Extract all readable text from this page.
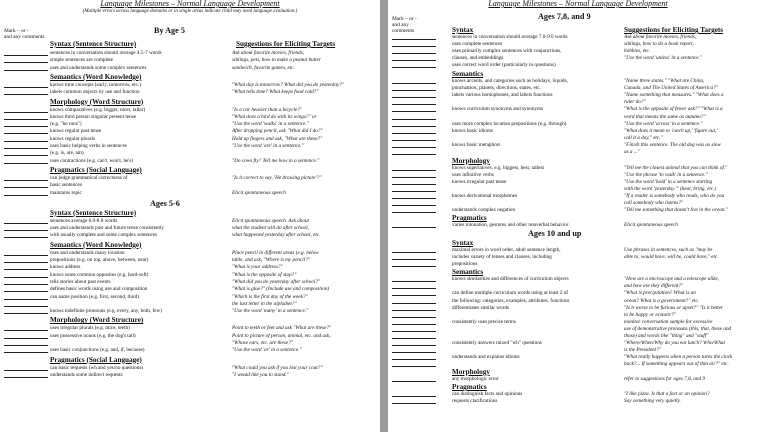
Language Milestones – Normal Language Development
(Multiple errors across language domains or in single areas indicate child may need language evaluation.)
Mark – or -
and any comments
By Age 5
Syntax (Sentence Structure)	Suggestions for Eliciting Targets
sentences in conversation should average 4.5-7 words	Ask about favorite movies, friends,
simple sentences are complete	siblings, pets, how to make a peanut butter
uses and understands some complex sentences	sandwich, favorite games, etc.
Semantics (Word Knowledge)
knows time concepts (early, tomorrow, etc.)	"What day is tomorrow? What did you do yesterday?"
labels common objects by use and function	"What tells time? What keeps food cold?"
Morphology (Word Structure)
knows comparatives (e.g. bigger, nicer, taller)	"Is a car heavier than a bicycle?"
knows third person singular present tense	"What does a bird do with its wings?" or
(e.g. "he runs")	"Use the word 'walks' in a sentence."
knows regular past tense	After dropping pencil, ask "What did I do?"
knows regular plurals	Hold up fingers and ask, "What are these?"
uses basic helping verbs in sentences	"Use the word 'are' in a sentence."
(e.g. is, are, am)
uses contractions (e.g. can't, won't, he's)	"Do cows fly? Tell me how in a sentence."
Pragmatics (Social Language)
can judge grammatical correctness of	"Is it correct to say, 'He drawing picture'?"
basic sentences
maintains topic	Elicit spontaneous speech
Ages 5-6
Syntax (Sentence Structure)
sentences average 6.0-8.0 words	Elicit spontaneous speech. Ask about
uses and understands past and future tense consistently	what the student will do after school,
with usually complete and some complex sentences	what happened yesterday after school, etc.
Semantics (Word Knowledge)
uses and understands many location	Place pencil in different areas (e.g. below
prepositions (e.g. on top, above, between, near)	table, and ask, "Where is my pencil?"
knows address	"What is your address?"
knows some common opposites (e.g. hard-soft)	"What is the opposite of stop?"
tells stories about past events	"What did you do yesterday after school?"
defines basic words using use and composition	"What is glue?" (Include use and composition)
can name position (e.g. first, second, third)	"Which is the first day of the week?"
the last letter in the alphabet?"
knows indefinite pronouns (e.g. every, any, both, few)	"Use the word 'many' in a sentence."
Morphology (Word Structure)
uses irregular plurals (e.g. mice, teeth)	Point to teeth or feet and ask "What are these?"
uses possessive nouns (e.g. the dog's tail)	Point to picture of person, animal, etc. and ask,
"Whose ears, etc. are these?"
uses basic conjunctions (e.g. and, if, because)	"Use the word 'or' in a sentence."
Pragmatics (Social Language)
can basic requests (wh and yes/no questions)	"What could you ask if you lost your coat?"
understands some indirect requests	"I would like you to stand."
Language Milestones – Normal Language Development
Mark – or -
and any
comments
Ages 7,8, and 9
Syntax	Suggestions for Eliciting Targets
sentences in conversation should average 7.0-9.0 words	Ask about favorite movies, friends,
uses complete sentences	siblings, how to do a book report,
uses primarily complex sentences with conjunctions,	hobbies, etc.
clauses, and embeddings	"Use the word 'unless' in a sentence."
uses correct word order (particularly in questions)
Semantics
knows accents, and categories such as holidays, liquids,	"Name three states." "What are China,
punctuation, planets, directions, states, etc.	Canada, and The United States of America?"
labels various homophones, and labels functions	"Name something that measures." "What does a
ruler do?"
knows curriculum synonyms and synonyms	"What is the opposite of fewer ask?" "What is a
word that means the same as autumn?"
uses more complex location prepositions (e.g. through)	"Use the word 'across' in a sentence."
knows basic idioms	"What does it mean to 'catch up,' 'figure out,'
call it a day," etc."
knows basic metaphors	"Finish this sentence. The old dog was as slow
as a ..."
Morphology
knows superlatives, e.g. biggest, best, tallest	"Tell me the closest animal that you can think of."
uses infinitive verbs	"Use the phrase 'to walk' in a sentence."
knows irregular past tense	"Use the word 'hold' in a sentence starting
with the word 'yesterday.'" (hear, bring, etc.)
knows derivational morphemes	"If a reader is somebody who reads, who do you
call somebody who listens?"
understands complex negation	"Tell me something that doesn't live in the ocean."
Pragmatics
varies intonation, gestures and other nonverbal behavior	Elicit spontaneous speech
Ages 10 and up
Syntax
maximal errors in word order, adult sentence length,	Use phrases in sentences, such as "may be
includes variety of tenses and clauses, including	able to, would have, will be, could have," etc.
prepositions
Semantics
knows similarities and differences of curriculum objects	"How are a microscope and a telescope alike,
and how are they different?"
can define multiple curriculum words using at least 2 of	"What is precipitation? What is an
the following: categories, examples, attributes, functions	ocean? What is a government?" etc.
differentiates similar words	"Is it worse to be furious or upset?" "Is it better
to be happy or ecstatic?"
consistently uses precise terms	monitor conversation sample for excessive
use of demonstrative pronouns (this, that, these and
those) and words like "thing" and "stuff"
consistently answers mixed "wh" questions	"Where/When/Why do you eat lunch? Who/What
is the President?"
understands and explains idioms	"What really happens when a person turns the clock
back?... If something appears out of thin air?" etc.
Morphology
any morphologic error	refer to suggestions for ages 7,8, and 9
Pragmatics
can distinguish facts and opinions	"I like pizza. Is that a fact or an opinion?
requests clarifications	Say something very quietly.
